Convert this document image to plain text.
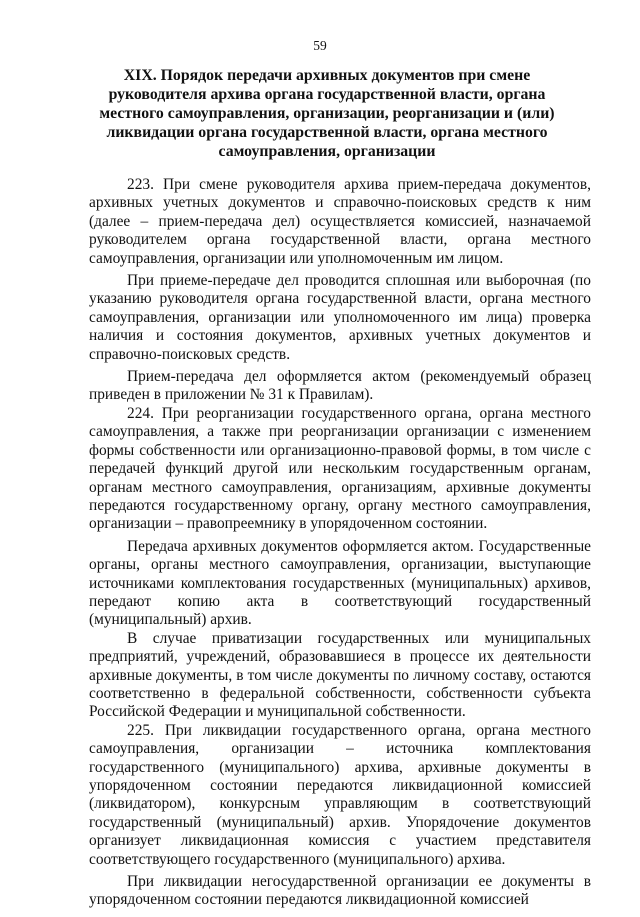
59
XIX. Порядок передачи архивных документов при смене руководителя архива органа государственной власти, органа местного самоуправления, организации, реорганизации и (или) ликвидации органа государственной власти, органа местного самоуправления, организации

223. При смене руководителя архива прием-передача документов, архивных учетных документов и справочно-поисковых средств к ним (далее – прием-передача дел) осуществляется комиссией, назначаемой руководителем органа государственной власти, органа местного самоуправления, организации или уполномоченным им лицом.

При приеме-передаче дел проводится сплошная или выборочная (по указанию руководителя органа государственной власти, органа местного самоуправления, организации или уполномоченного им лица) проверка наличия и состояния документов, архивных учетных документов и справочно-поисковых средств.

Прием-передача дел оформляется актом (рекомендуемый образец приведен в приложении № 31 к Правилам).

224. При реорганизации государственного органа, органа местного самоуправления, а также при реорганизации организации с изменением формы собственности или организационно-правовой формы, в том числе с передачей функций другой или нескольким государственным органам, органам местного самоуправления, организациям, архивные документы передаются государственному органу, органу местного самоуправления, организации – правопреемнику в упорядоченном состоянии.

Передача архивных документов оформляется актом. Государственные органы, органы местного самоуправления, организации, выступающие источниками комплектования государственных (муниципальных) архивов, передают копию акта в соответствующий государственный (муниципальный) архив.

В случае приватизации государственных или муниципальных предприятий, учреждений, образовавшиеся в процессе их деятельности архивные документы, в том числе документы по личному составу, остаются соответственно в федеральной собственности, собственности субъекта Российской Федерации и муниципальной собственности.

225. При ликвидации государственного органа, органа местного самоуправления, организации – источника комплектования государственного (муниципального) архива, архивные документы в упорядоченном состоянии передаются ликвидационной комиссией (ликвидатором), конкурсным управляющим в соответствующий государственный (муниципальный) архив. Упорядочение документов организует ликвидационная комиссия с участием представителя соответствующего государственного (муниципального) архива.

При ликвидации негосударственной организации ее документы в упорядоченном состоянии передаются ликвидационной комиссией
